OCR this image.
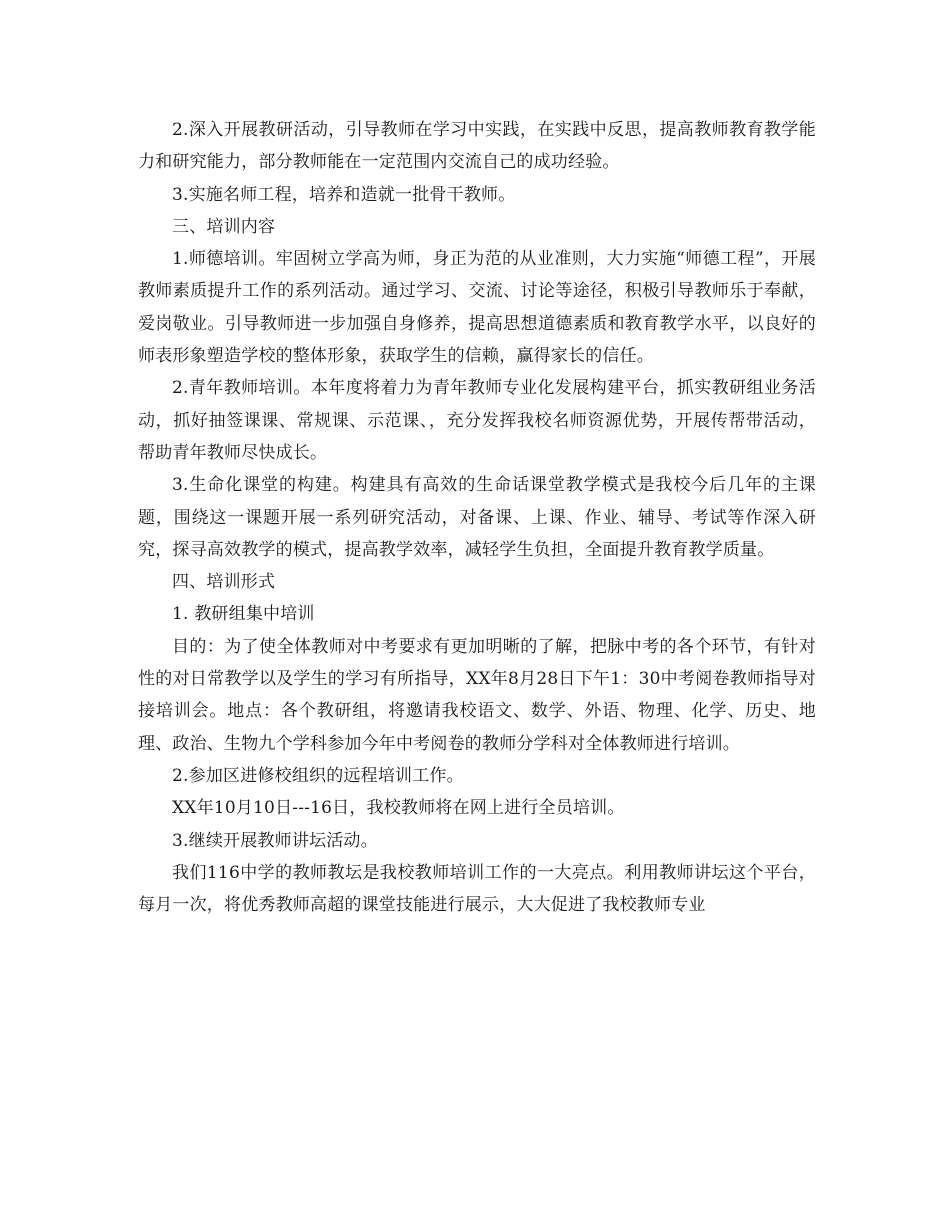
2.深入开展教研活动，引导教师在学习中实践，在实践中反思，提高教师教育教学能力和研究能力，部分教师能在一定范围内交流自己的成功经验。

3.实施名师工程，培养和造就一批骨干教师。

三、培训内容

1.师德培训。牢固树立学高为师，身正为范的从业准则，大力实施“师德工程”，开展教师素质提升工作的系列活动。通过学习、交流、讨论等途径，积极引导教师乐于奉献，爱岗敬业。引导教师进一步加强自身修养，提高思想道德素质和教育教学水平，以良好的师表形象塑造学校的整体形象，获取学生的信赖，赢得家长的信任。

2.青年教师培训。本年度将着力为青年教师专业化发展构建平台，抓实教研组业务活动，抓好抽签课课、常规课、示范课、，充分发挥我校名师资源优势，开展传帮带活动，帮助青年教师尽快成长。

3.生命化课堂的构建。构建具有高效的生命话课堂教学模式是我校今后几年的主课题，围绕这一课题开展一系列研究活动，对备课、上课、作业、辅导、考试等作深入研究，探寻高效教学的模式，提高教学效率，减轻学生负担，全面提升教育教学质量。

四、培训形式

1. 教研组集中培训

目的：为了使全体教师对中考要求有更加明晰的了解，把脉中考的各个环节，有针对性的对日常教学以及学生的学习有所指导，XX年8月28日下午1：30中考阅卷教师指导对接培训会。地点：各个教研组，将邀请我校语文、数学、外语、物理、化学、历史、地理、政治、生物九个学科参加今年中考阅卷的教师分学科对全体教师进行培训。

2.参加区进修校组织的远程培训工作。

XX年10月10日---16日，我校教师将在网上进行全员培训。

3.继续开展教师讲坛活动。

我们116中学的教师教坛是我校教师培训工作的一大亮点。利用教师讲坛这个平台，每月一次，将优秀教师高超的课堂技能进行展示，大大促进了我校教师专业
